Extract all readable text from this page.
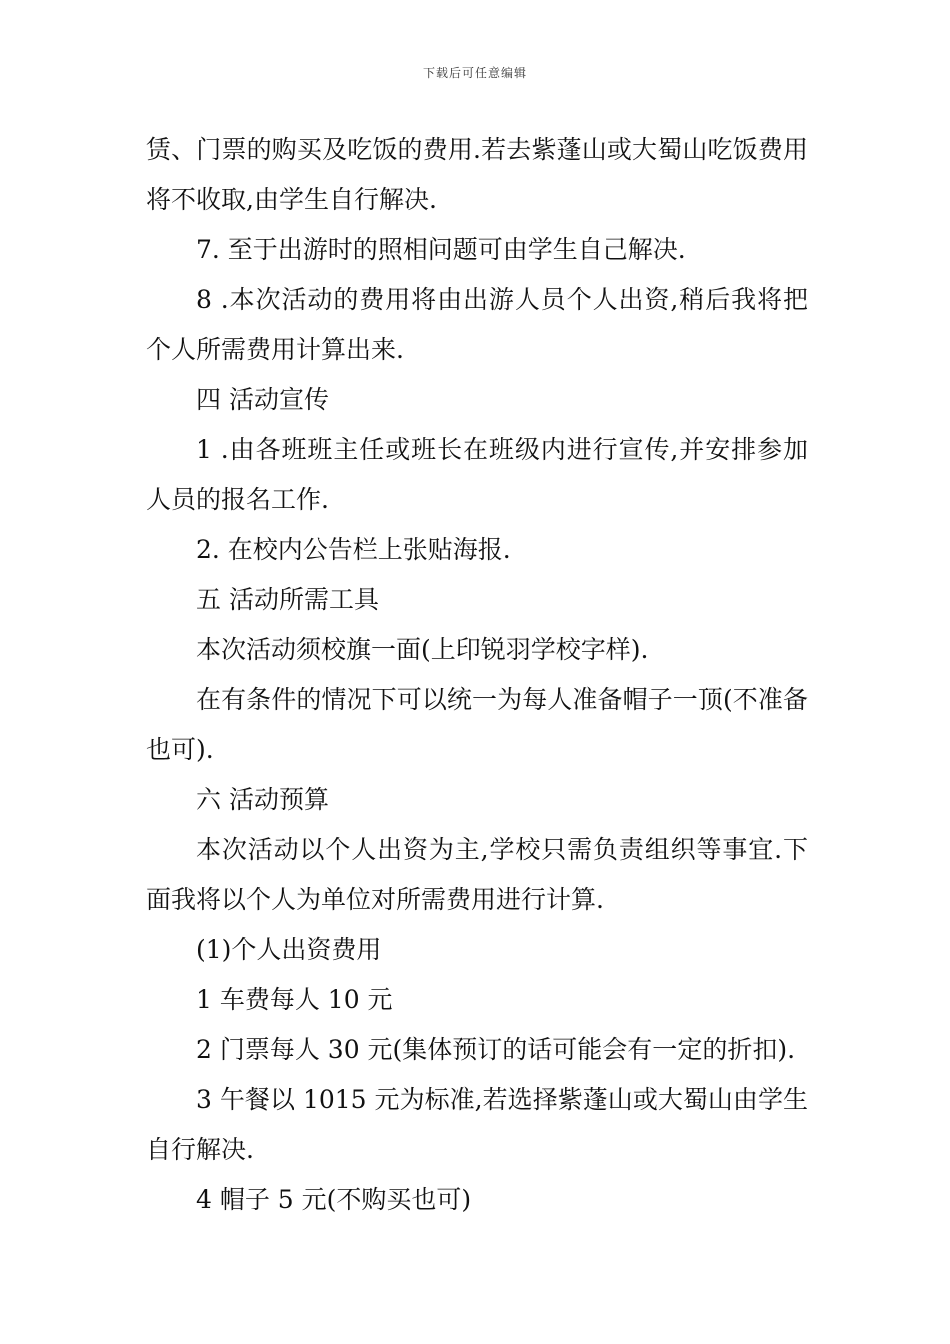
下载后可任意编辑

赁、门票的购买及吃饭的费用.若去紫蓬山或大蜀山吃饭费用将不收取,由学生自行解决.

7. 至于出游时的照相问题可由学生自己解决.

8 .本次活动的费用将由出游人员个人出资,稍后我将把个人所需费用计算出来.

四 活动宣传

1 .由各班班主任或班长在班级内进行宣传,并安排参加人员的报名工作.

2. 在校内公告栏上张贴海报.

五 活动所需工具

本次活动须校旗一面(上印锐羽学校字样).

在有条件的情况下可以统一为每人准备帽子一顶(不准备也可).

六 活动预算

本次活动以个人出资为主,学校只需负责组织等事宜.下面我将以个人为单位对所需费用进行计算.

(1)个人出资费用

1 车费每人 10 元

2 门票每人 30 元(集体预订的话可能会有一定的折扣).

3 午餐以 1015 元为标准,若选择紫蓬山或大蜀山由学生自行解决.

4 帽子 5 元(不购买也可)
